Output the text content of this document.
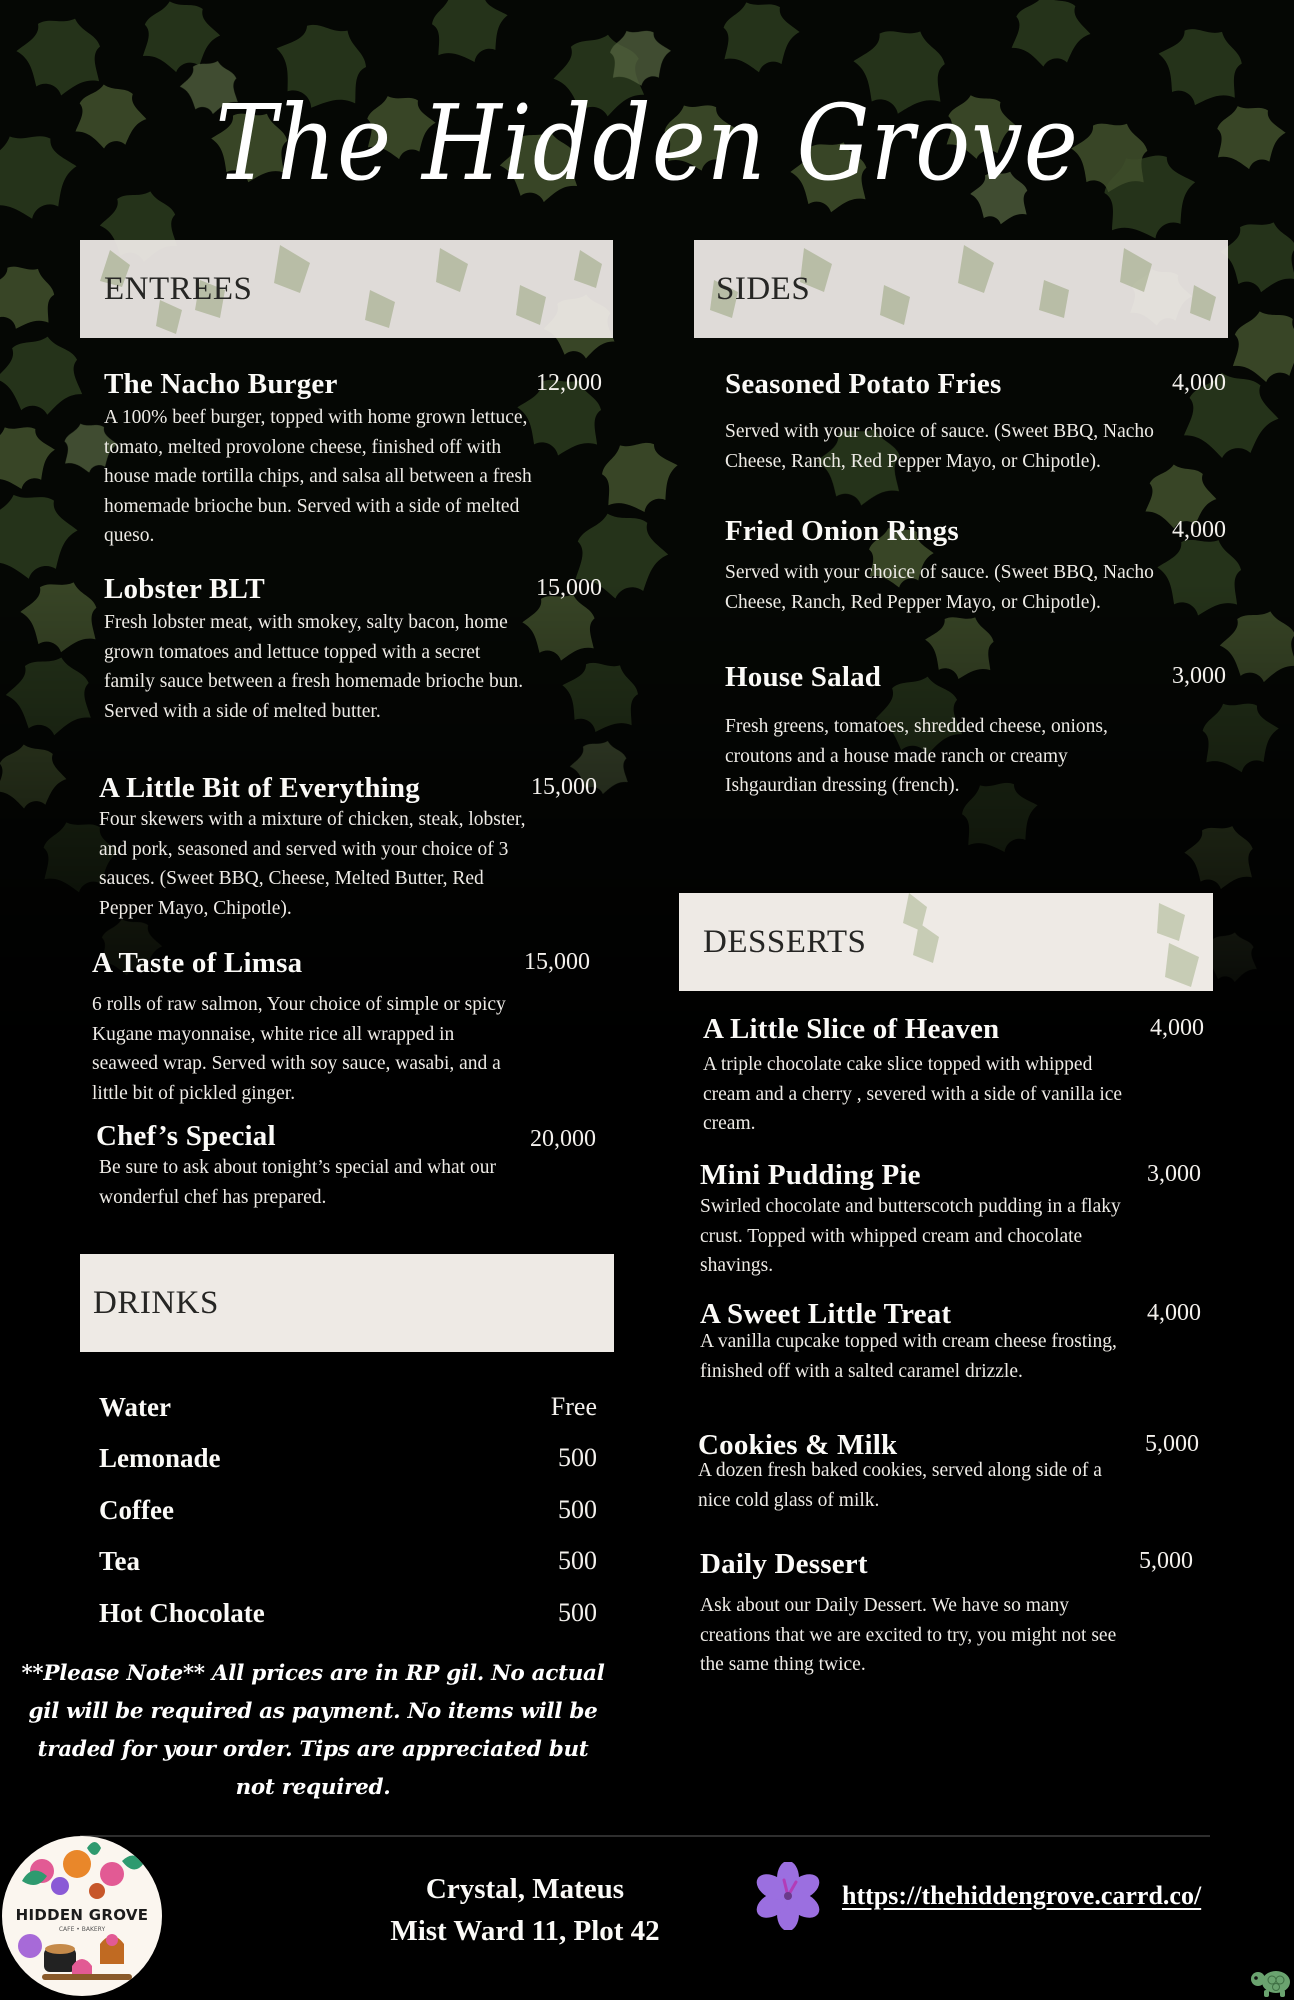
The Hidden Grove
ENTREES	SIDES
The Nacho Burger	12,000
A 100% beef burger, topped with home grown lettuce, tomato, melted provolone cheese, finished off with house made tortilla chips, and salsa all between a fresh homemade brioche bun. Served with a side of melted queso.
Lobster BLT	15,000
Fresh lobster meat, with smokey, salty bacon, home grown tomatoes and lettuce topped with a secret family sauce between a fresh homemade brioche bun. Served with a side of melted butter.
A Little Bit of Everything	15,000
Four skewers with a mixture of chicken, steak, lobster, and pork, seasoned and served with your choice of 3 sauces. (Sweet BBQ, Cheese, Melted Butter, Red Pepper Mayo, Chipotle).
A Taste of Limsa	15,000
6 rolls of raw salmon, Your choice of simple or spicy Kugane mayonnaise, white rice all wrapped in seaweed wrap. Served with soy sauce, wasabi, and a little bit of pickled ginger.
Chef’s Special	20,000
Be sure to ask about tonight’s special and what our wonderful chef has prepared.
Seasoned Potato Fries	4,000
Served with your choice of sauce. (Sweet BBQ, Nacho Cheese, Ranch, Red Pepper Mayo, or Chipotle).
Fried Onion Rings	4,000
Served with your choice of sauce. (Sweet BBQ, Nacho Cheese, Ranch, Red Pepper Mayo, or Chipotle).
House Salad	3,000
Fresh greens, tomatoes, shredded cheese, onions, croutons and a house made ranch or creamy Ishgaurdian dressing (french).
DESSERTS
A Little Slice of Heaven	4,000
A triple chocolate cake slice topped with whipped cream and a cherry , severed with a side of vanilla ice cream.
Mini Pudding Pie	3,000
Swirled chocolate and butterscotch pudding in a flaky crust. Topped with whipped cream and chocolate shavings.
A Sweet Little Treat	4,000
A vanilla cupcake topped with cream cheese frosting, finished off with a salted caramel drizzle.
Cookies & Milk	5,000
A dozen fresh baked cookies, served along side of a nice cold glass of milk.
Daily Dessert	5,000
Ask about our Daily Dessert. We have so many creations that we are excited to try, you might not see the same thing twice.
DRINKS
Water	Free
Lemonade	500
Coffee	500
Tea	500
Hot Chocolate	500
**Please Note** All prices are in RP gil. No actual gil will be required as payment. No items will be traded for your order. Tips are appreciated but not required.
HIDDEN GROVE
CAFE • BAKERY
Crystal, Mateus
Mist Ward 11, Plot 42
https://thehiddengrove.carrd.co/
